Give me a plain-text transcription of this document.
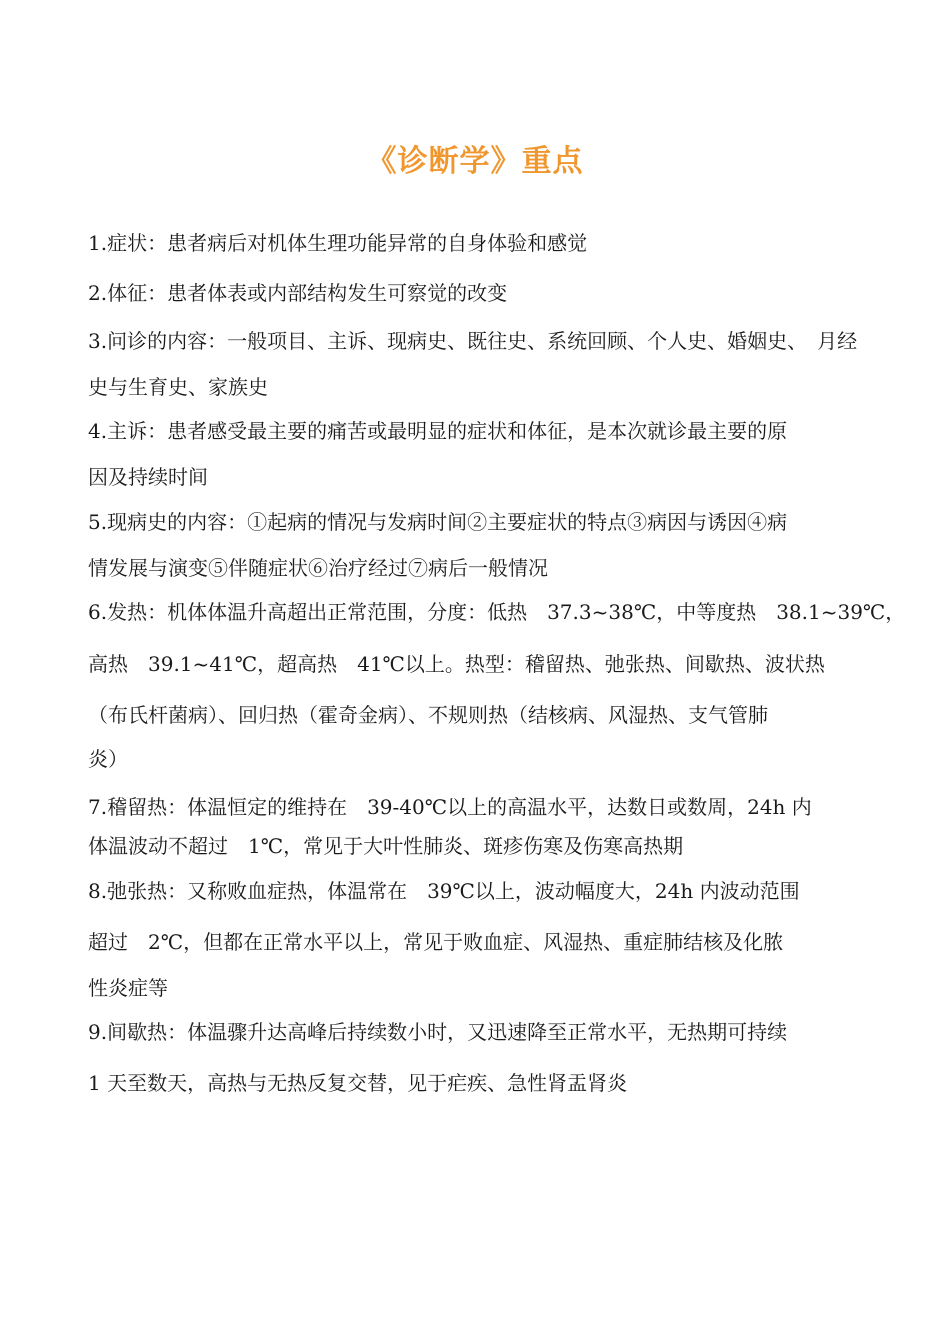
《诊断学》重点
1.症状：患者病后对机体生理功能异常的自身体验和感觉
2.体征：患者体表或内部结构发生可察觉的改变
3.问诊的内容：一般项目、主诉、现病史、既往史、系统回顾、个人史、婚姻史、　月经
史与生育史、家族史
4.主诉：患者感受最主要的痛苦或最明显的症状和体征，是本次就诊最主要的原
因及持续时间
5.现病史的内容：①起病的情况与发病时间②主要症状的特点③病因与诱因④病
情发展与演变⑤伴随症状⑥治疗经过⑦病后一般情况
6.发热：机体体温升高超出正常范围，分度：低热　37.3~38℃，中等度热　38.1~39℃，
高热　39.1~41℃，超高热　41℃以上。热型：稽留热、弛张热、间歇热、波状热
（布氏杆菌病）、回归热（霍奇金病）、不规则热（结核病、风湿热、支气管肺
炎）
7.稽留热：体温恒定的维持在　39-40℃以上的高温水平，达数日或数周，24h 内
体温波动不超过　1℃，常见于大叶性肺炎、斑疹伤寒及伤寒高热期
8.弛张热：又称败血症热，体温常在　39℃以上，波动幅度大，24h 内波动范围
超过　2℃，但都在正常水平以上，常见于败血症、风湿热、重症肺结核及化脓
性炎症等
9.间歇热：体温骤升达高峰后持续数小时，又迅速降至正常水平，无热期可持续
1 天至数天，高热与无热反复交替，见于疟疾、急性肾盂肾炎
